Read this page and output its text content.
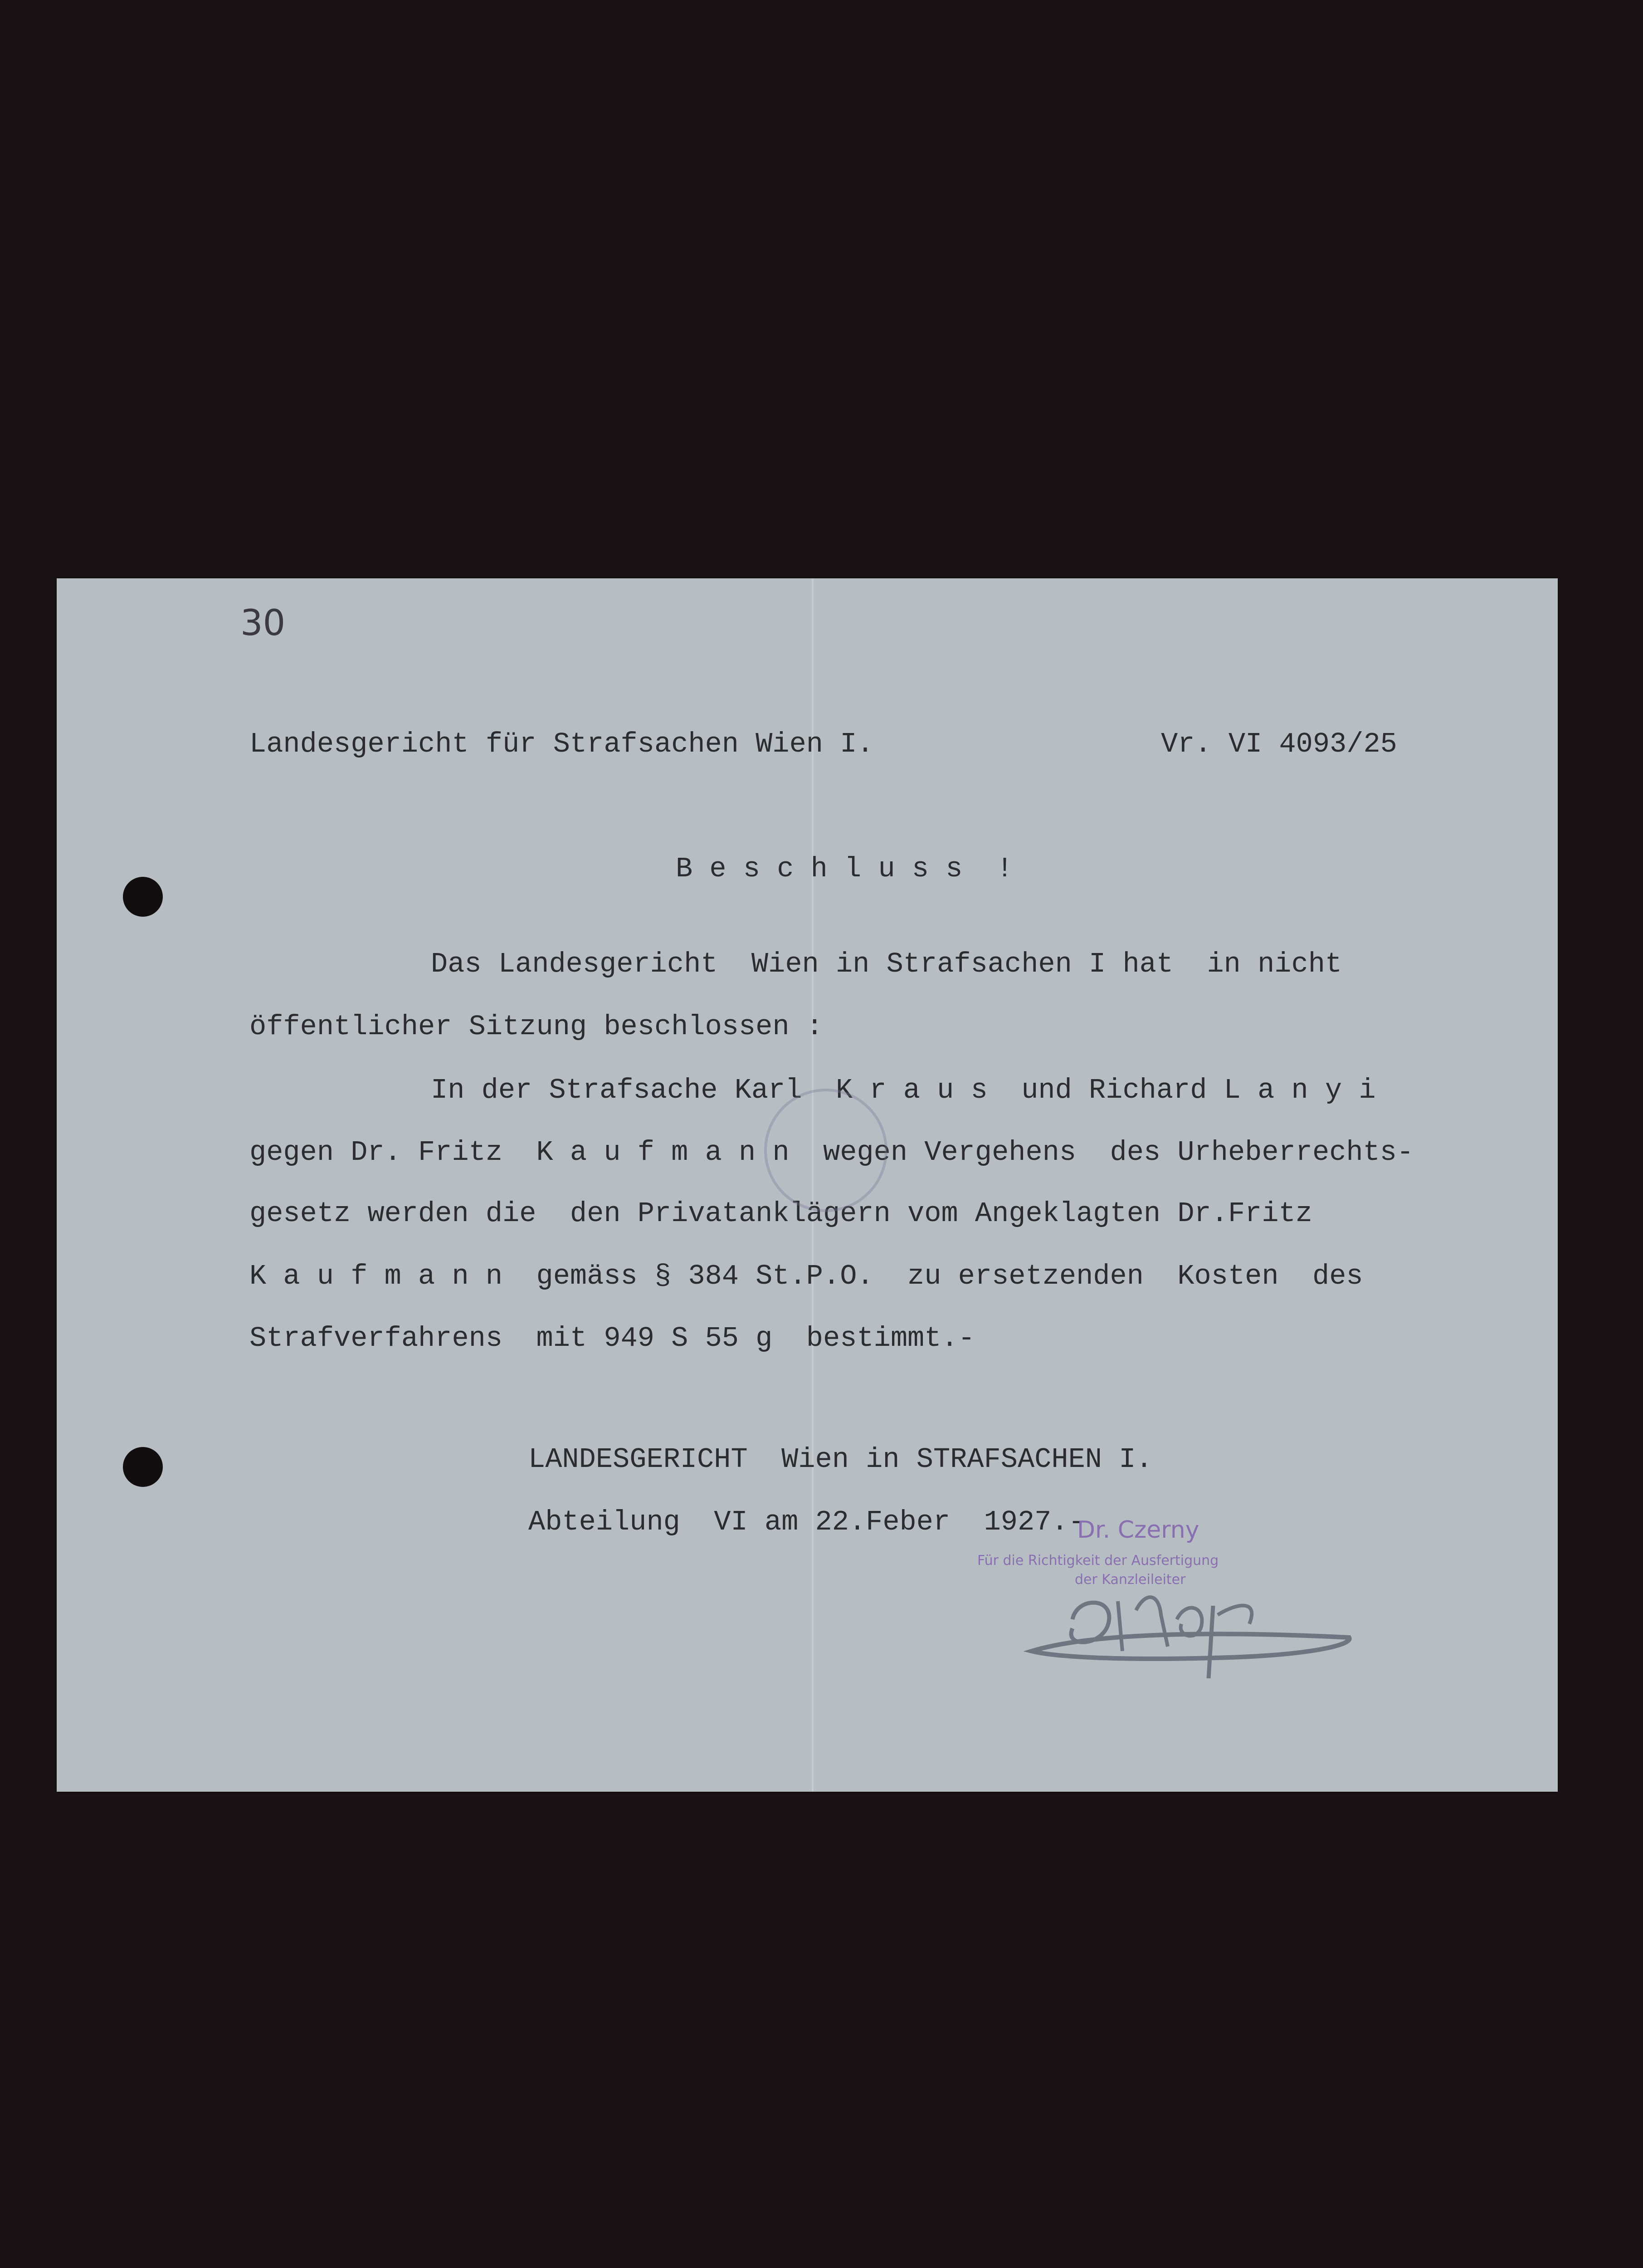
30
Landesgericht für Strafsachen Wien I.	Vr. VI 4093/25
B e s c h l u s s  !
Das Landesgericht  Wien in Strafsachen I hat  in nicht
öffentlicher Sitzung beschlossen :
In der Strafsache Karl  K r a u s  und Richard L a n y i
gegen Dr. Fritz  K a u f m a n n  wegen Vergehens  des Urheberrechts-
gesetz werden die  den Privatanklägern vom Angeklagten Dr.Fritz
K a u f m a n n  gemäss § 384 St.P.O.  zu ersetzenden  Kosten  des
Strafverfahrens  mit 949 S 55 g  bestimmt.-
LANDESGERICHT  Wien in STRAFSACHEN I.
Abteilung  VI am 22.Feber  1927.-
Dr. Czerny
Für die Richtigkeit der Ausfertigung
der Kanzleileiter
